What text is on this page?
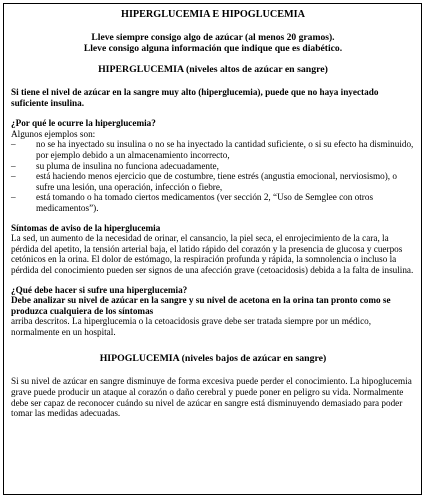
HIPERGLUCEMIA E HIPOGLUCEMIA

Lleve siempre consigo algo de azúcar (al menos 20 gramos).
Lleve consigo alguna información que indique que es diabético.

HIPERGLUCEMIA (niveles altos de azúcar en sangre)

Si tiene el nivel de azúcar en la sangre muy alto (hiperglucemia), puede que no haya inyectado suficiente insulina.

¿Por qué le ocurre la hiperglucemia?

Algunos ejemplos son:

– no se ha inyectado su insulina o no se ha inyectado la cantidad suficiente, o si su efecto ha disminuido, por ejemplo debido a un almacenamiento incorrecto,
– su pluma de insulina no funciona adecuadamente,
– está haciendo menos ejercicio que de costumbre, tiene estrés (angustia emocional, nerviosismo), o sufre una lesión, una operación, infección o fiebre,
– está tomando o ha tomado ciertos medicamentos (ver sección 2, “Uso de Semglee con otros medicamentos”).

Síntomas de aviso de la hiperglucemia

La sed, un aumento de la necesidad de orinar, el cansancio, la piel seca, el enrojecimiento de la cara, la pérdida del apetito, la tensión arterial baja, el latido rápido del corazón y la presencia de glucosa y cuerpos cetónicos en la orina. El dolor de estómago, la respiración profunda y rápida, la somnolencia o incluso la pérdida del conocimiento pueden ser signos de una afección grave (cetoacidosis) debida a la falta de insulina.

¿Qué debe hacer si sufre una hiperglucemia?

Debe analizar su nivel de azúcar en la sangre y su nivel de acetona en la orina tan pronto como se produzca cualquiera de los síntomas

arriba descritos. La hiperglucemia o la cetoacidosis grave debe ser tratada siempre por un médico, normalmente en un hospital.

HIPOGLUCEMIA (niveles bajos de azúcar en sangre)

Si su nivel de azúcar en sangre disminuye de forma excesiva puede perder el conocimiento. La hipoglucemia grave puede producir un ataque al corazón o daño cerebral y puede poner en peligro su vida. Normalmente debe ser capaz de reconocer cuándo su nivel de azúcar en sangre está disminuyendo demasiado para poder tomar las medidas adecuadas.
